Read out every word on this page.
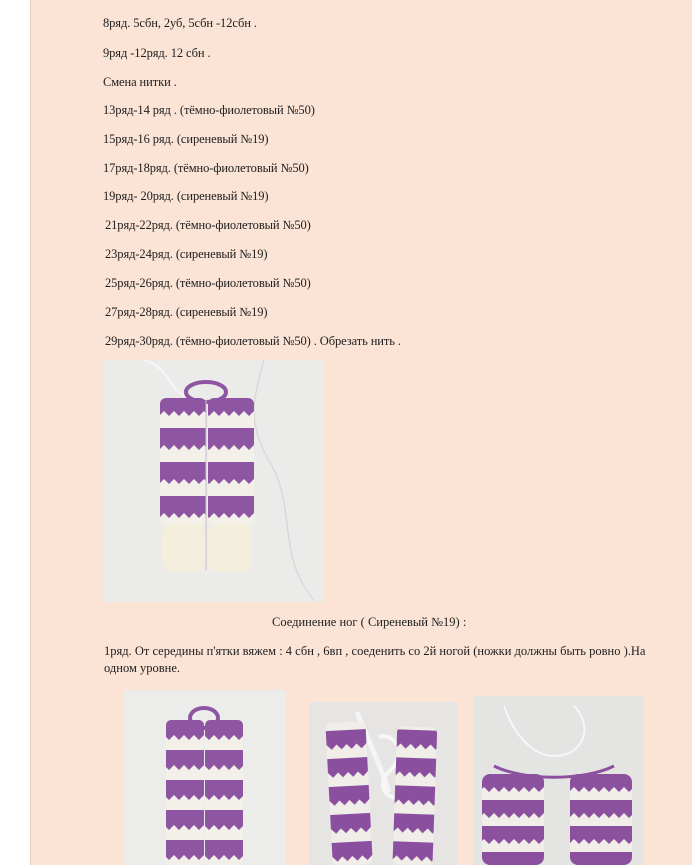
8ряд. 5сбн, 2уб, 5сбн -12сбн .
9ряд -12ряд. 12 сбн .
Смена нитки .
13ряд-14 ряд . (тёмно-фиолетовый №50)
15ряд-16 ряд. (сиреневый №19)
17ряд-18ряд. (тёмно-фиолетовый №50)
19ряд- 20ряд. (сиреневый №19)
21ряд-22ряд. (тёмно-фиолетовый №50)
23ряд-24ряд. (сиреневый №19)
25ряд-26ряд. (тёмно-фиолетовый №50)
27ряд-28ряд. (сиреневый №19)
29ряд-30ряд. (тёмно-фиолетовый №50) . Обрезать нить .
Соединение ног ( Сиреневый №19) :
1ряд. От середины п'ятки вяжем : 4 сбн , 6вп , соеденить со 2й ногой (ножки должны быть ровно ).На одном уровне.
